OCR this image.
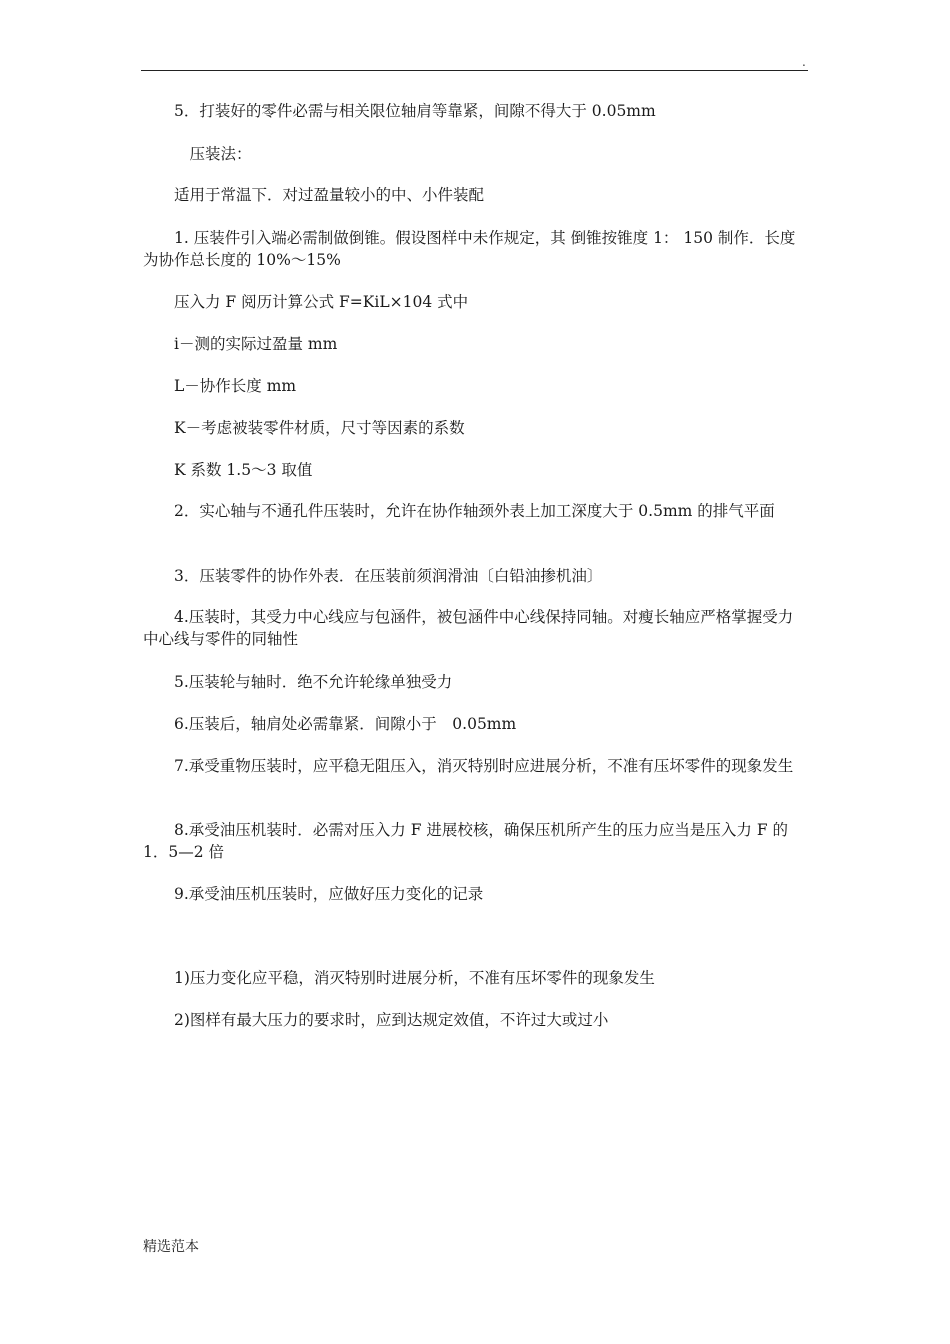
.
　　5．打装好的零件必需与相关限位轴肩等靠紧，间隙不得大于 0.05mm
　　　压装法：
　　适用于常温下．对过盈量较小的中、小件装配
　　1. 压装件引入端必需制做倒锥。假设图样中未作规定，其 倒锥按锥度 1： 150 制作．长度为协作总长度的 10%～15%
　　压入力 F 阅历计算公式 F=KiL×104 式中
　　i－测的实际过盈量 mm
　　L－协作长度 mm
　　K－考虑被装零件材质，尺寸等因素的系数
　　K 系数 1.5～3 取值
　　2．实心轴与不通孔件压装时，允许在协作轴颈外表上加工深度大于 0.5mm 的排气平面
　　3．压装零件的协作外表．在压装前须润滑油〔白铅油掺机油〕
　　4.压装时，其受力中心线应与包涵件，被包涵件中心线保持同轴。对瘦长轴应严格掌握受力中心线与零件的同轴性
　　5.压装轮与轴时．绝不允许轮缘单独受力
　　6.压装后，轴肩处必需靠紧．间隙小于　0.05mm
　　7.承受重物压装时，应平稳无阻压入，消灭特别时应进展分析，不准有压坏零件的现象发生
　　8.承受油压机装时．必需对压入力 F 进展校核，确保压机所产生的压力应当是压入力 F 的 1．5—2 倍
　　9.承受油压机压装时，应做好压力变化的记录
　　1)压力变化应平稳，消灭特别时进展分析，不准有压坏零件的现象发生
　　2)图样有最大压力的要求时，应到达规定效值，不许过大或过小
精选范本
